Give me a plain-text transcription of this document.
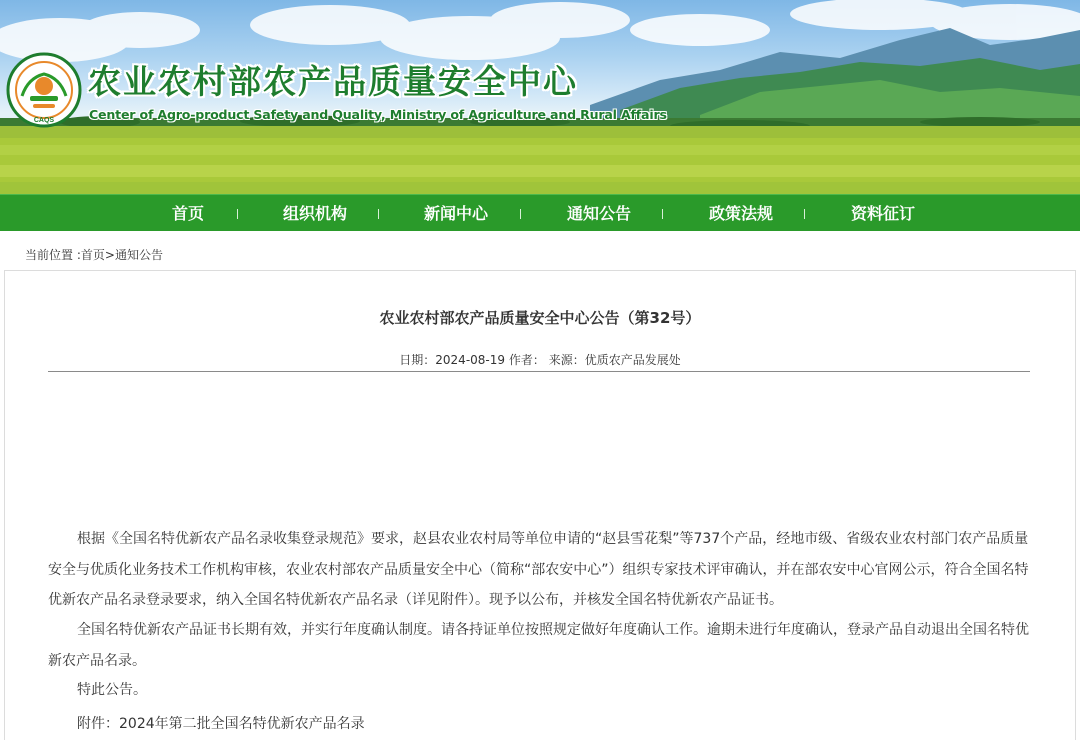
CAQS
农业农村部农产品质量安全中心
Center of Agro-product Safety and Quality, Ministry of Agriculture and Rural Affairs
首页	组织机构	新闻中心	通知公告	政策法规	资料征订
当前位置 :首页>通知公告
农业农村部农产品质量安全中心公告（第32号）
日期：2024-08-19 作者： 来源：优质农产品发展处

根据《全国名特优新农产品名录收集登录规范》要求，赵县农业农村局等单位申请的“赵县雪花梨”等737个产品，经地市级、省级农业农村部门农产品质量安全与优质化业务技术工作机构审核，农业农村部农产品质量安全中心（简称“部农安中心”）组织专家技术评审确认，并在部农安中心官网公示，符合全国名特优新农产品名录登录要求，纳入全国名特优新农产品名录（详见附件）。现予以公布，并核发全国名特优新农产品证书。

全国名特优新农产品证书长期有效，并实行年度确认制度。请各持证单位按照规定做好年度确认工作。逾期未进行年度确认，登录产品自动退出全国名特优新农产品名录。

特此公告。

附件：2024年第二批全国名特优新农产品名录
